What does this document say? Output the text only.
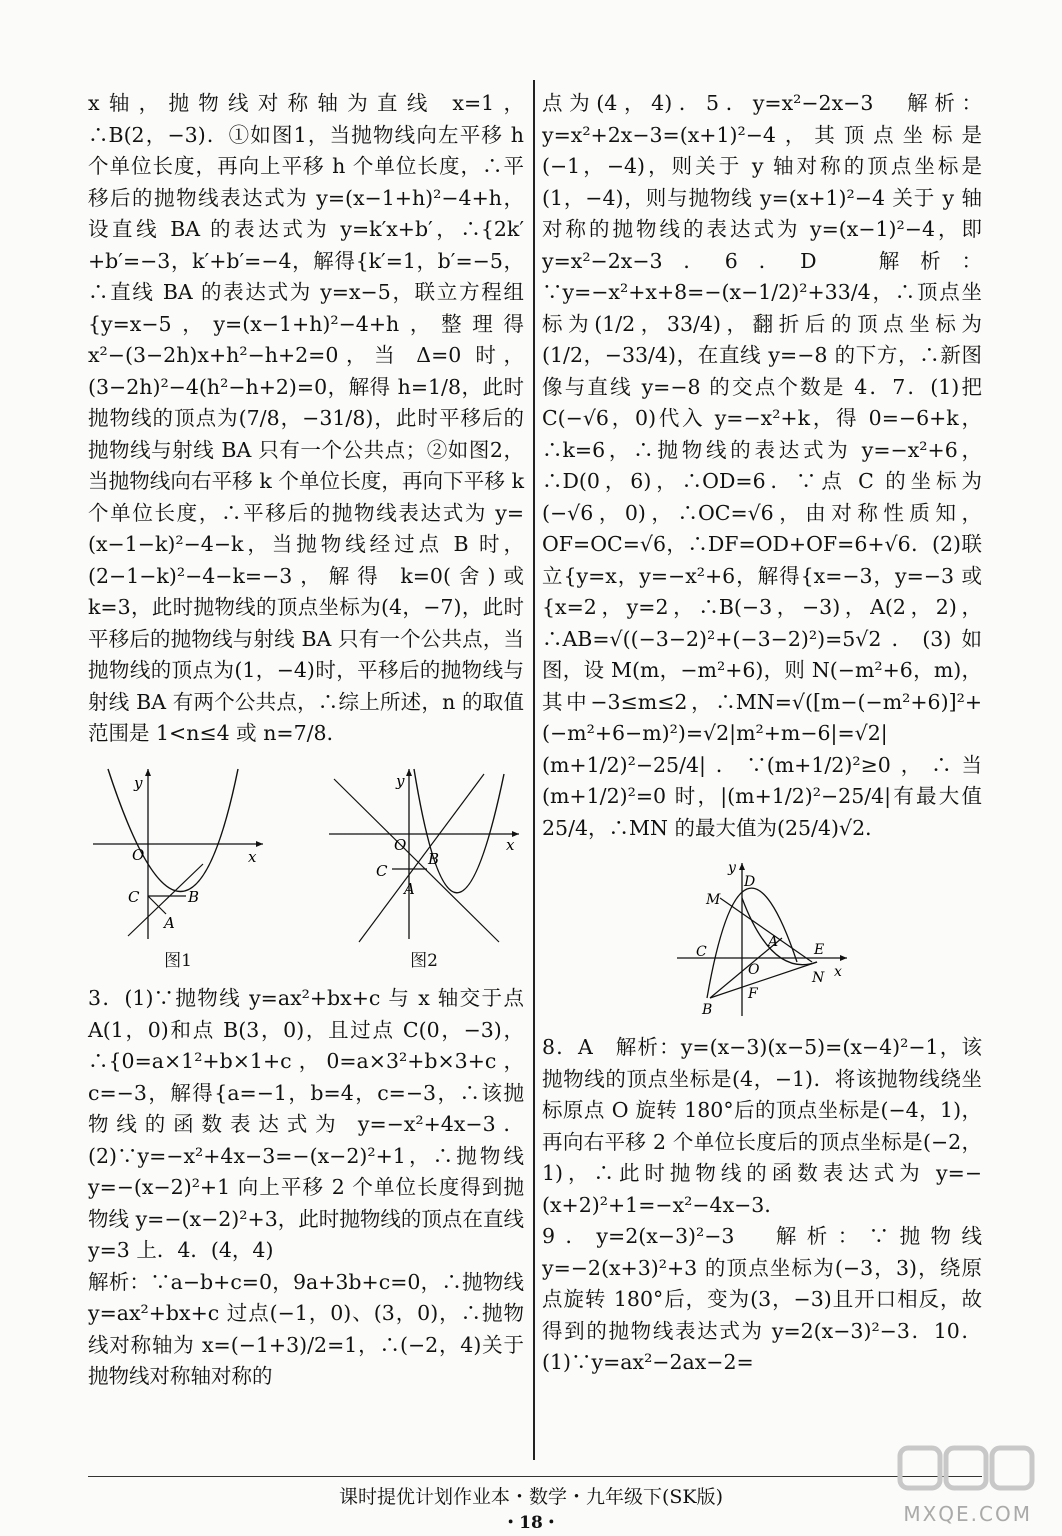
x轴，抛物线对称轴为直线 x=1，∴B(2，−3)．①如图1，当抛物线向左平移 h 个单位长度，再向上平移 h 个单位长度，∴平移后的抛物线表达式为 y=(x−1+h)²−4+h，设直线 BA 的表达式为 y=k′x+b′，∴{2k′+b′=−3，k′+b′=−4，解得{k′=1，b′=−5，∴直线 BA 的表达式为 y=x−5，联立方程组{y=x−5，y=(x−1+h)²−4+h，整理得 x²−(3−2h)x+h²−h+2=0，当 Δ=0 时，(3−2h)²−4(h²−h+2)=0，解得 h=1/8，此时抛物线的顶点为(7/8，−31/8)，此时平移后的抛物线与射线 BA 只有一个公共点；②如图2，当抛物线向右平移 k 个单位长度，再向下平移 k 个单位长度，∴平移后的抛物线表达式为 y=(x−1−k)²−4−k，当抛物线经过点 B 时，(2−1−k)²−4−k=−3，解得 k=0(舍)或 k=3，此时抛物线的顶点坐标为(4，−7)，此时平移后的抛物线与射线 BA 只有一个公共点，当抛物线的顶点为(1，−4)时，平移后的抛物线与射线 BA 有两个公共点，∴综上所述，n 的取值范围是 1<n≤4 或 n=7/8．

y
x
O
C	B
A
图1
y
x
O
C
B
A
图2

3．(1)∵抛物线 y=ax²+bx+c 与 x 轴交于点 A(1，0)和点 B(3，0)，且过点 C(0，−3)，∴{0=a×1²+b×1+c，0=a×3²+b×3+c，c=−3，解得{a=−1，b=4，c=−3，∴该抛物线的函数表达式为 y=−x²+4x−3．(2)∵y=−x²+4x−3=−(x−2)²+1，∴抛物线 y=−(x−2)²+1 向上平移 2 个单位长度得到抛物线 y=−(x−2)²+3，此时抛物线的顶点在直线 y=3 上．4．(4，4)

解析：∵a−b+c=0，9a+3b+c=0，∴抛物线 y=ax²+bx+c 过点(−1，0)、(3，0)，∴抛物线对称轴为 x=(−1+3)/2=1，∴(−2，4)关于抛物线对称轴对称的

点为(4，4)．5．y=x²−2x−3　解析：y=x²+2x−3=(x+1)²−4，其顶点坐标是(−1，−4)，则关于 y 轴对称的顶点坐标是(1，−4)，则与抛物线 y=(x+1)²−4 关于 y 轴对称的抛物线的表达式为 y=(x−1)²−4，即 y=x²−2x−3．6．D　解析：∵y=−x²+x+8=−(x−1/2)²+33/4，∴顶点坐标为(1/2，33/4)，翻折后的顶点坐标为(1/2，−33/4)，在直线 y=−8 的下方，∴新图像与直线 y=−8 的交点个数是 4．7．(1)把 C(−√6，0)代入 y=−x²+k，得 0=−6+k，∴k=6，∴抛物线的表达式为 y=−x²+6，∴D(0，6)，∴OD=6．∵点 C 的坐标为(−√6，0)，∴OC=√6，由对称性质知，OF=OC=√6，∴DF=OD+OF=6+√6．(2)联立{y=x，y=−x²+6，解得{x=−3，y=−3 或{x=2，y=2，∴B(−3，−3)，A(2，2)，∴AB=√((−3−2)²+(−3−2)²)=5√2．(3)如图，设 M(m，−m²+6)，则 N(−m²+6，m)，其中−3≤m≤2，∴MN=√([m−(−m²+6)]²+(−m²+6−m)²)=√2|m²+m−6|=√2|(m+1/2)²−25/4|．∵(m+1/2)²≥0，∴当(m+1/2)²=0 时，|(m+1/2)²−25/4|有最大值 25/4，∴MN 的最大值为(25/4)√2．

y
x
D
M
C
A	E
O	N
B
F

8．A　解析：y=(x−3)(x−5)=(x−4)²−1，该抛物线的顶点坐标是(4，−1)．将该抛物线绕坐标原点 O 旋转 180°后的顶点坐标是(−4，1)，再向右平移 2 个单位长度后的顶点坐标是(−2，1)，∴此时抛物线的函数表达式为 y=−(x+2)²+1=−x²−4x−3．

9．y=2(x−3)²−3　解析：∵抛物线 y=−2(x+3)²+3 的顶点坐标为(−3，3)，绕原点旋转 180°后，变为(3，−3)且开口相反，故得到的抛物线表达式为 y=2(x−3)²−3．10．(1)∵y=ax²−2ax−2=

课时提优计划作业本・数学・九年级下(SK版)
・18・	MXQE.COM
